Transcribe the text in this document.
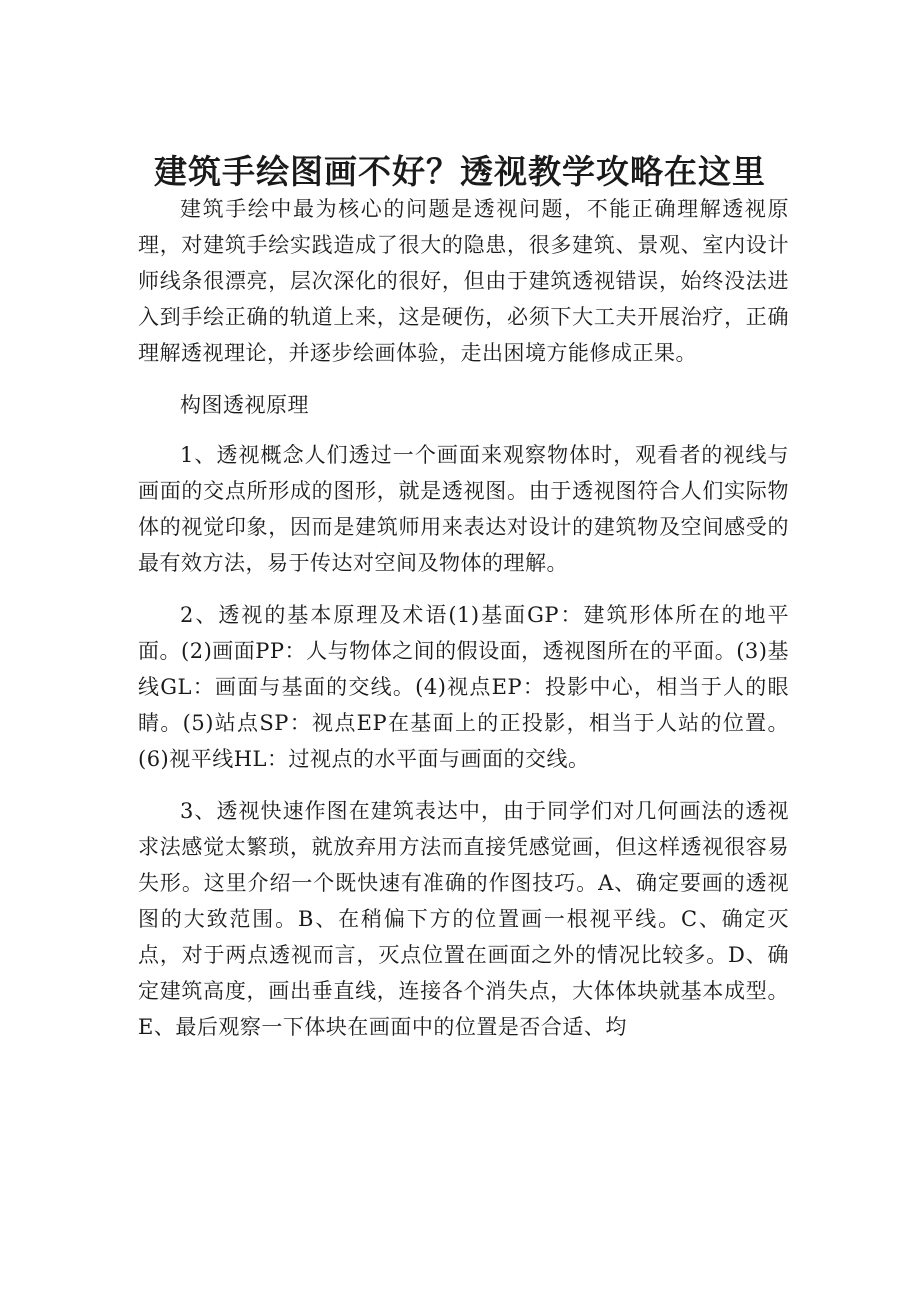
建筑手绘图画不好？透视教学攻略在这里

建筑手绘中最为核心的问题是透视问题，不能正确理解透视原理，对建筑手绘实践造成了很大的隐患，很多建筑、景观、室内设计师线条很漂亮，层次深化的很好，但由于建筑透视错误，始终没法进入到手绘正确的轨道上来，这是硬伤，必须下大工夫开展治疗，正确理解透视理论，并逐步绘画体验，走出困境方能修成正果。

构图透视原理

1、透视概念人们透过一个画面来观察物体时，观看者的视线与画面的交点所形成的图形，就是透视图。由于透视图符合人们实际物体的视觉印象，因而是建筑师用来表达对设计的建筑物及空间感受的最有效方法，易于传达对空间及物体的理解。

2、透视的基本原理及术语(1)基面GP：建筑形体所在的地平面。(2)画面PP：人与物体之间的假设面，透视图所在的平面。(3)基线GL：画面与基面的交线。(4)视点EP：投影中心，相当于人的眼睛。(5)站点SP：视点EP在基面上的正投影，相当于人站的位置。(6)视平线HL：过视点的水平面与画面的交线。

3、透视快速作图在建筑表达中，由于同学们对几何画法的透视求法感觉太繁琐，就放弃用方法而直接凭感觉画，但这样透视很容易失形。这里介绍一个既快速有准确的作图技巧。A、确定要画的透视图的大致范围。B、在稍偏下方的位置画一根视平线。C、确定灭点，对于两点透视而言，灭点位置在画面之外的情况比较多。D、确定建筑高度，画出垂直线，连接各个消失点，大体体块就基本成型。E、最后观察一下体块在画面中的位置是否合适、均
